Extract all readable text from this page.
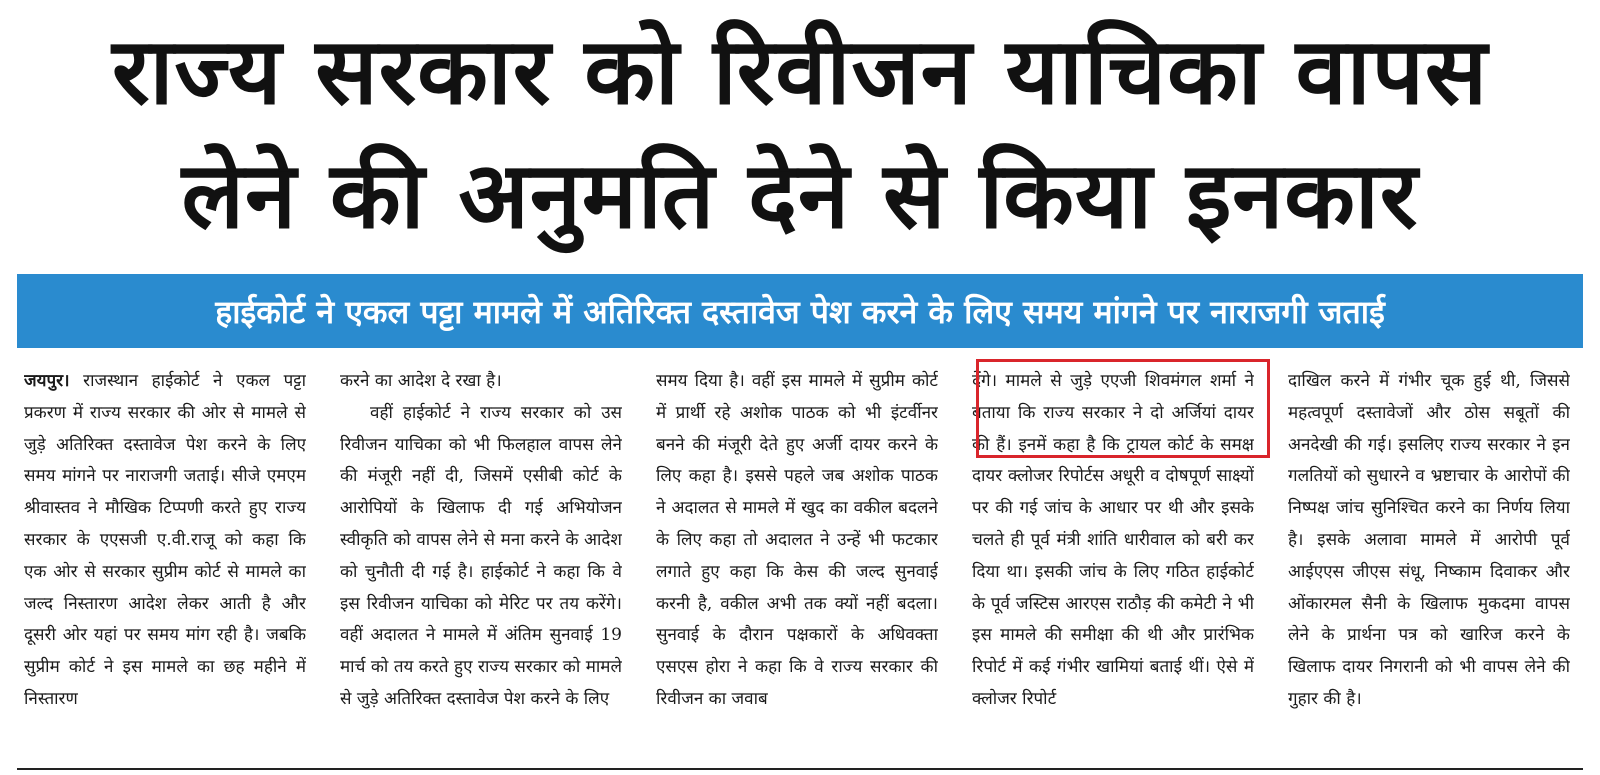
राज्य सरकार को रिवीजन याचिका वापस
लेने की अनुमति देने से किया इनकार
हाईकोर्ट ने एकल पट्टा मामले में अतिरिक्त दस्तावेज पेश करने के लिए समय मांगने पर नाराजगी जताई

जयपुर। राजस्थान हाईकोर्ट ने एकल पट्टा प्रकरण में राज्य सरकार की ओर से मामले से जुड़े अतिरिक्त दस्तावेज पेश करने के लिए समय मांगने पर नाराजगी जताई। सीजे एमएम श्रीवास्तव ने मौखिक टिप्पणी करते हुए राज्य सरकार के एएसजी ए.वी.राजू को कहा कि एक ओर से सरकार सुप्रीम कोर्ट से मामले का जल्द निस्तारण आदेश लेकर आती है और दूसरी ओर यहां पर समय मांग रही है। जबकि सुप्रीम कोर्ट ने इस मामले का छह महीने में निस्तारण

करने का आदेश दे रखा है।

वहीं हाईकोर्ट ने राज्य सरकार को उस रिवीजन याचिका को भी फिलहाल वापस लेने की मंजूरी नहीं दी, जिसमें एसीबी कोर्ट के आरोपियों के खिलाफ दी गई अभियोजन स्वीकृति को वापस लेने से मना करने के आदेश को चुनौती दी गई है। हाईकोर्ट ने कहा कि वे इस रिवीजन याचिका को मेरिट पर तय करेंगे। वहीं अदालत ने मामले में अंतिम सुनवाई 19 मार्च को तय करते हुए राज्य सरकार को मामले से जुड़े अतिरिक्त दस्तावेज पेश करने के लिए

समय दिया है। वहीं इस मामले में सुप्रीम कोर्ट में प्रार्थी रहे अशोक पाठक को भी इंटर्वीनर बनने की मंजूरी देते हुए अर्जी दायर करने के लिए कहा है। इससे पहले जब अशोक पाठक ने अदालत से मामले में खुद का वकील बदलने के लिए कहा तो अदालत ने उन्हें भी फटकार लगाते हुए कहा कि केस की जल्द सुनवाई करनी है, वकील अभी तक क्यों नहीं बदला। सुनवाई के दौरान पक्षकारों के अधिवक्ता एसएस होरा ने कहा कि वे राज्य सरकार की रिवीजन का जवाब

देंगे। मामले से जुड़े एएजी शिवमंगल शर्मा ने बताया कि राज्य सरकार ने दो अर्जियां दायर की हैं। इनमें कहा है कि ट्रायल कोर्ट के समक्ष दायर क्लोजर रिपोर्टस अधूरी व दोषपूर्ण साक्ष्यों पर की गई जांच के आधार पर थी और इसके चलते ही पूर्व मंत्री शांति धारीवाल को बरी कर दिया था। इसकी जांच के लिए गठित हाईकोर्ट के पूर्व जस्टिस आरएस राठौड़ की कमेटी ने भी इस मामले की समीक्षा की थी और प्रारंभिक रिपोर्ट में कई गंभीर खामियां बताई थीं। ऐसे में क्लोजर रिपोर्ट

दाखिल करने में गंभीर चूक हुई थी, जिससे महत्वपूर्ण दस्तावेजों और ठोस सबूतों की अनदेखी की गई। इसलिए राज्य सरकार ने इन गलतियों को सुधारने व भ्रष्टाचार के आरोपों की निष्पक्ष जांच सुनिश्चित करने का निर्णय लिया है। इसके अलावा मामले में आरोपी पूर्व आईएएस जीएस संधू, निष्काम दिवाकर और ओंकारमल सैनी के खिलाफ मुकदमा वापस लेने के प्रार्थना पत्र को खारिज करने के खिलाफ दायर निगरानी को भी वापस लेने की गुहार की है।
